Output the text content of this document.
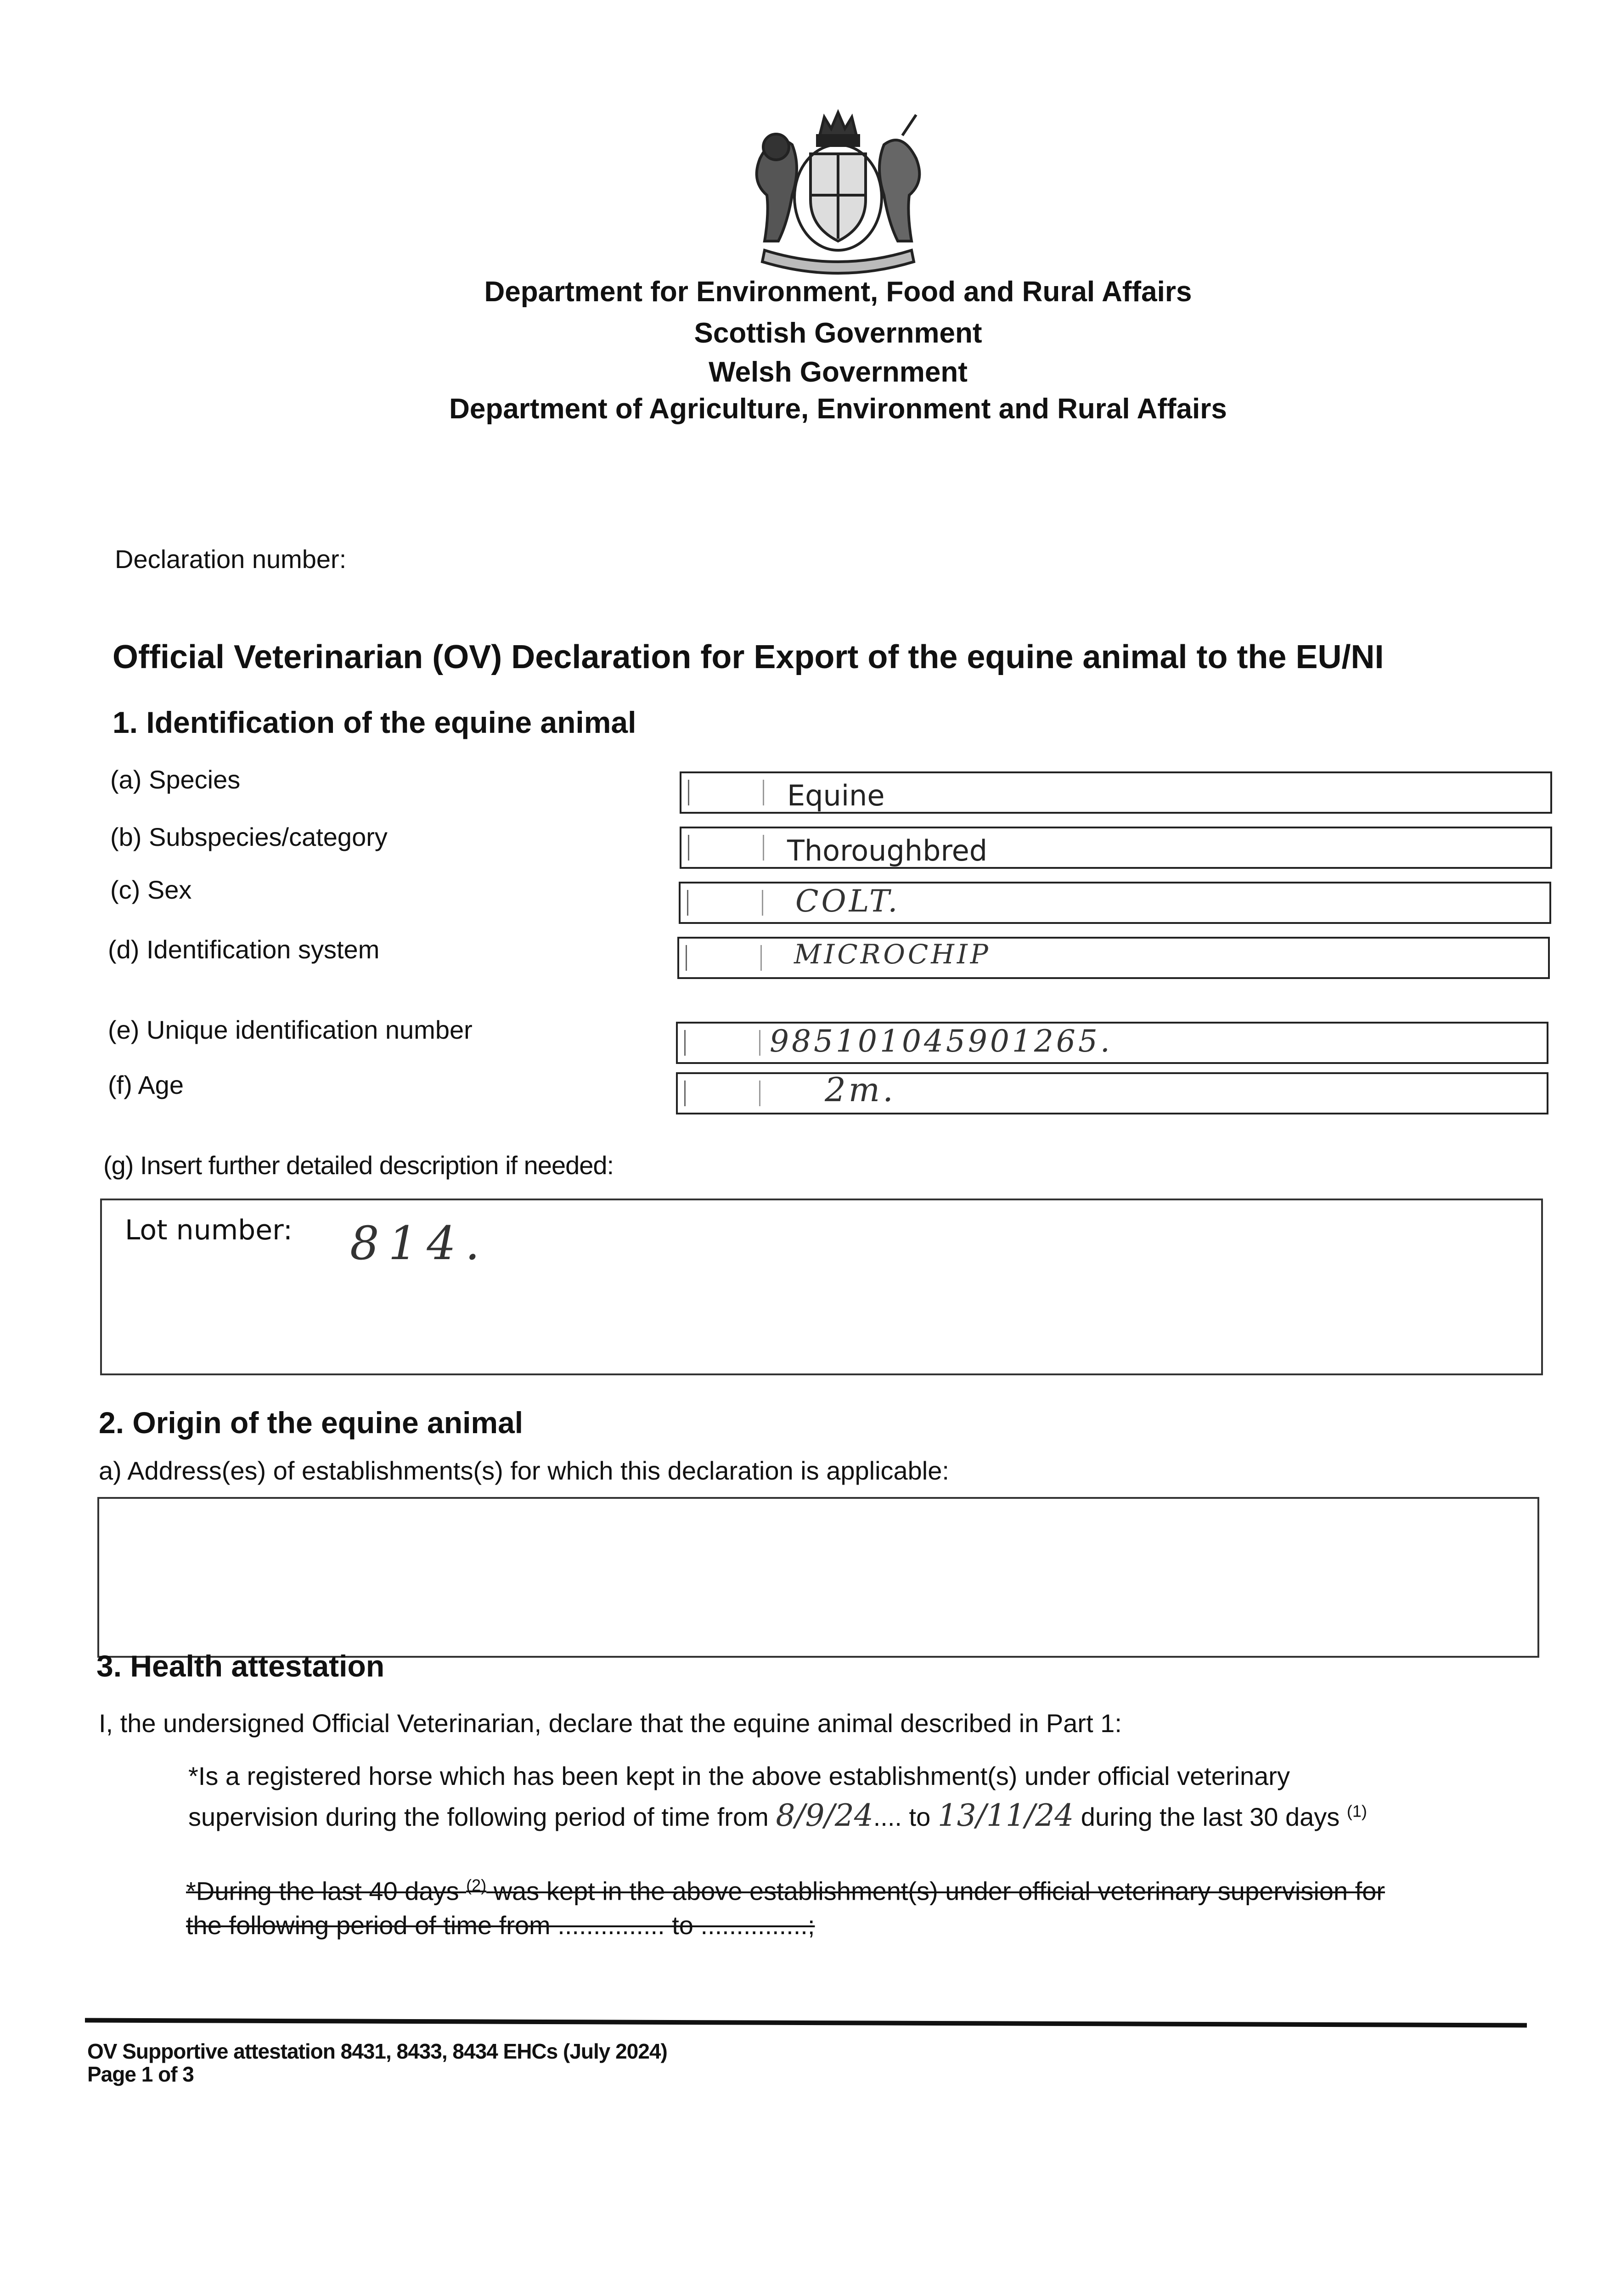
Department for Environment, Food and Rural Affairs
Scottish Government
Welsh Government
Department of Agriculture, Environment and Rural Affairs
Declaration number:
Official Veterinarian (OV) Declaration for Export of the equine animal to the EU/NI
1. Identification of the equine animal
(a) Species	Equine
(b) Subspecies/category	Thoroughbred
(c) Sex	COLT.
(d) Identification system	MICROCHIP
(e) Unique identification number	985101045901265.
(f) Age	2m.
(g) Insert further detailed description if needed:
Lot number: 814.
2. Origin of the equine animal
a) Address(es) of establishments(s) for which this declaration is applicable:
3. Health attestation
I, the undersigned Official Veterinarian, declare that the equine animal described in Part 1:
*Is a registered horse which has been kept in the above establishment(s) under official veterinary
supervision during the following period of time from 8/9/24.... to 13/11/24 during the last 30 days $^{(1)}$
*During the last 40 days $^{(2)}$ was kept in the above establishment(s) under official veterinary supervision for
the following period of time from ............... to ...............;
OV Supportive attestation 8431, 8433, 8434 EHCs (July 2024)
Page 1 of 3
